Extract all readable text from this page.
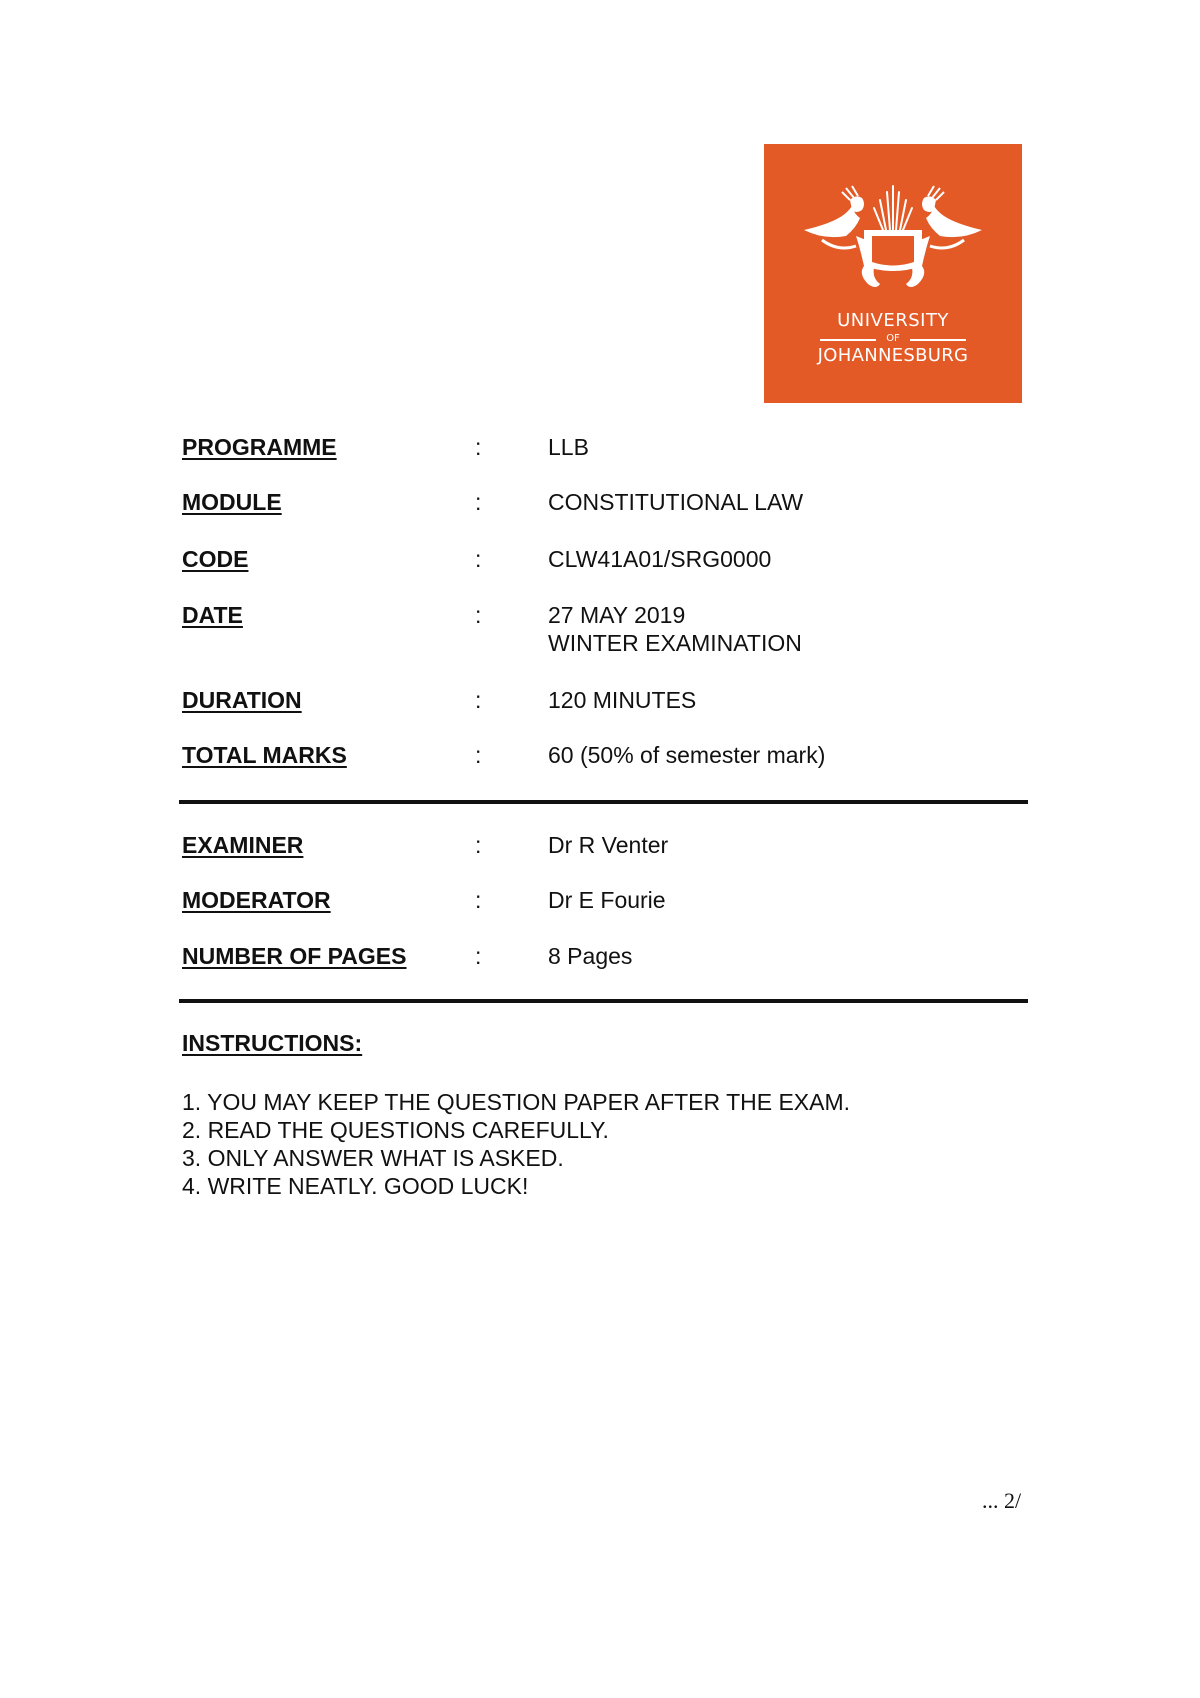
UNIVERSITY
OF
JOHANNESBURG
PROGRAMME	:	LLB
MODULE	:	CONSTITUTIONAL LAW
CODE	:	CLW41A01/SRG0000
DATE	:	27 MAY 2019
WINTER EXAMINATION
DURATION	:	120 MINUTES
TOTAL MARKS	:	60 (50% of semester mark)
EXAMINER	:	Dr R Venter
MODERATOR	:	Dr E Fourie
NUMBER OF PAGES	:	8 Pages
INSTRUCTIONS:
1. YOU MAY KEEP THE QUESTION PAPER AFTER THE EXAM.
2. READ THE QUESTIONS CAREFULLY.
3. ONLY ANSWER WHAT IS ASKED.
4. WRITE NEATLY. GOOD LUCK!
... 2/
